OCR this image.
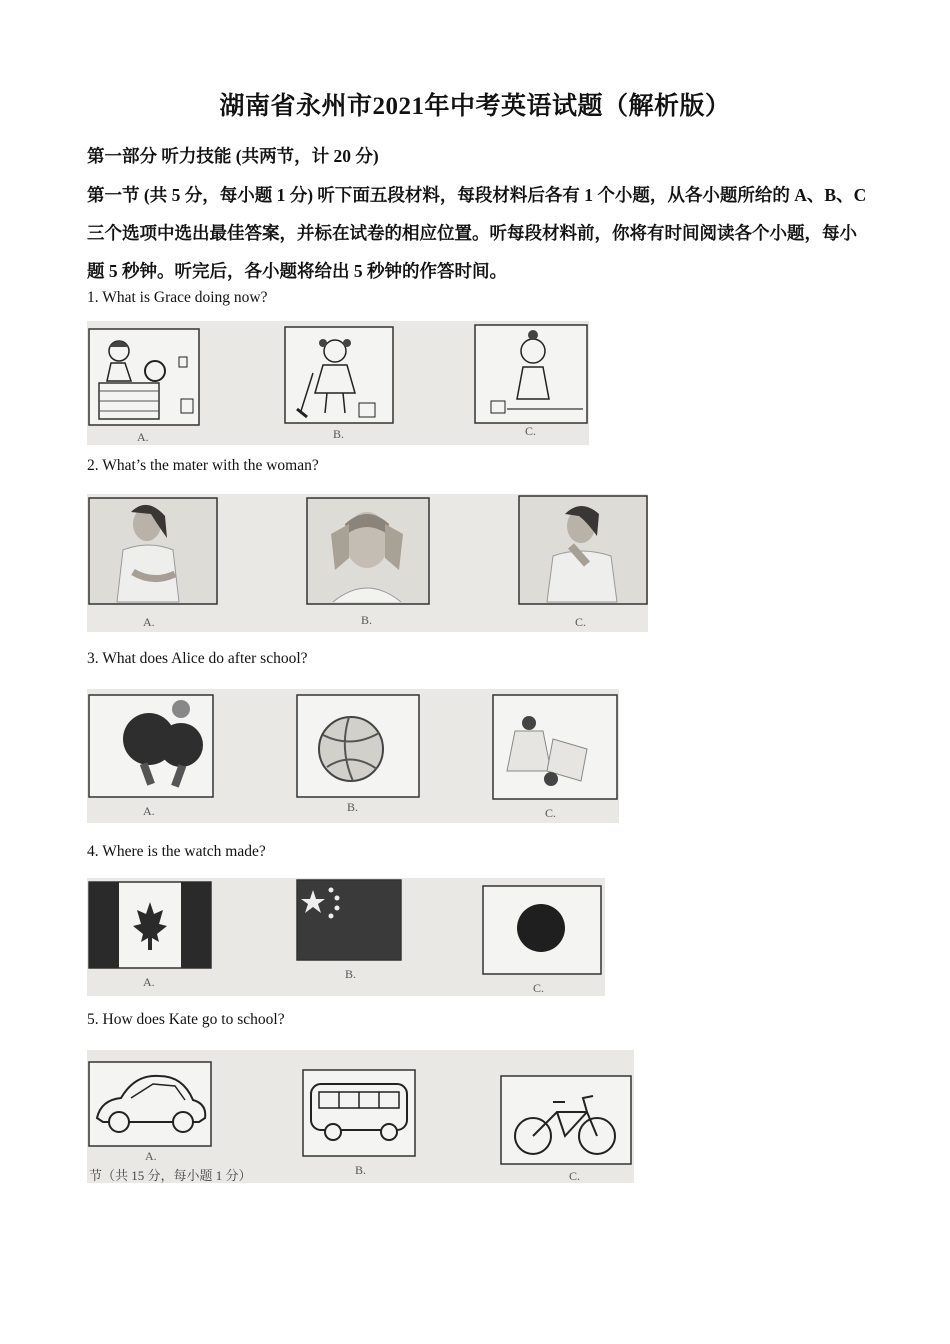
湖南省永州市2021年中考英语试题（解析版）
第一部分 听力技能 (共两节，计 20 分)
第一节 (共 5 分，每小题 1 分) 听下面五段材料，每段材料后各有 1 个小题，从各小题所给的 A、B、C 三个选项中选出最佳答案，并标在试卷的相应位置。听每段材料前，你将有时间阅读各个小题，每小题 5 秒钟。听完后，各小题将给出 5 秒钟的作答时间。
1. What is Grace doing now?
A.	B.	C.
2. What’s the mater with the woman?
A.	B.	C.
3. What does Alice do after school?
A.	B.	C.
4. Where is the watch made?
A.
B.
C.
5. How does Kate go to school?
A.
B.	C.
节（共 15 分，每小题 1 分）
